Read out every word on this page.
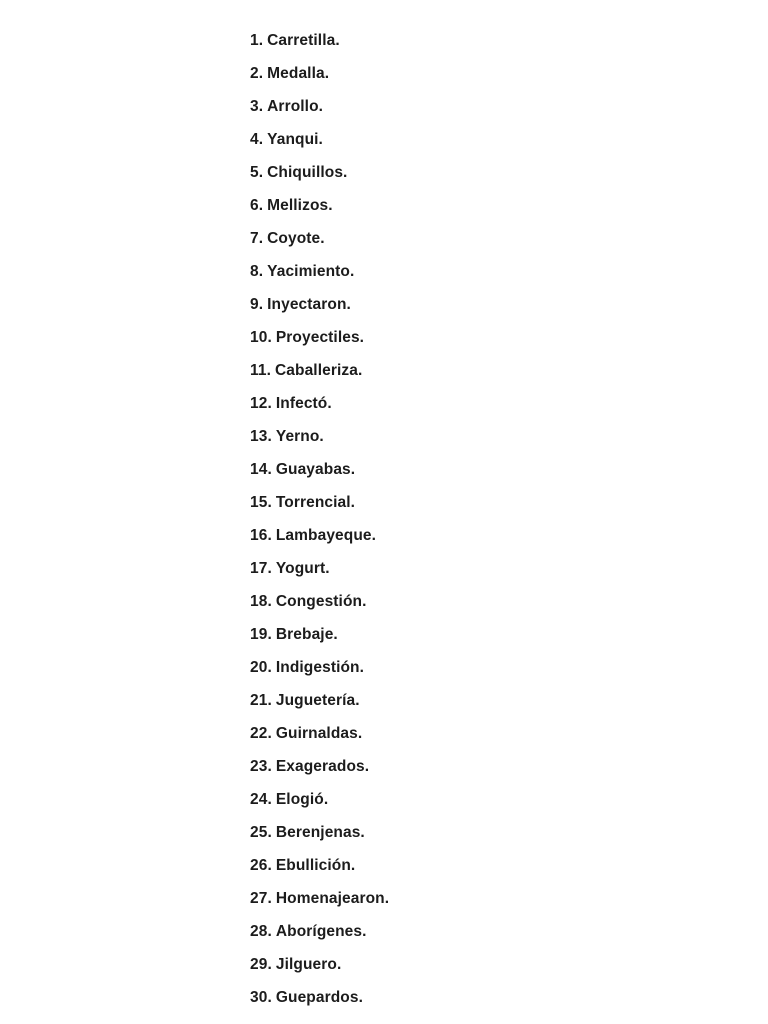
1. Carretilla.
2. Medalla.
3. Arrollo.
4. Yanqui.
5. Chiquillos.
6. Mellizos.
7. Coyote.
8. Yacimiento.
9. Inyectaron.
10. Proyectiles.
11. Caballeriza.
12. Infectó.
13. Yerno.
14. Guayabas.
15. Torrencial.
16. Lambayeque.
17. Yogurt.
18. Congestión.
19. Brebaje.
20. Indigestión.
21. Juguetería.
22. Guirnaldas.
23. Exagerados.
24. Elogió.
25. Berenjenas.
26. Ebullición.
27. Homenajearon.
28. Aborígenes.
29. Jilguero.
30. Guepardos.
